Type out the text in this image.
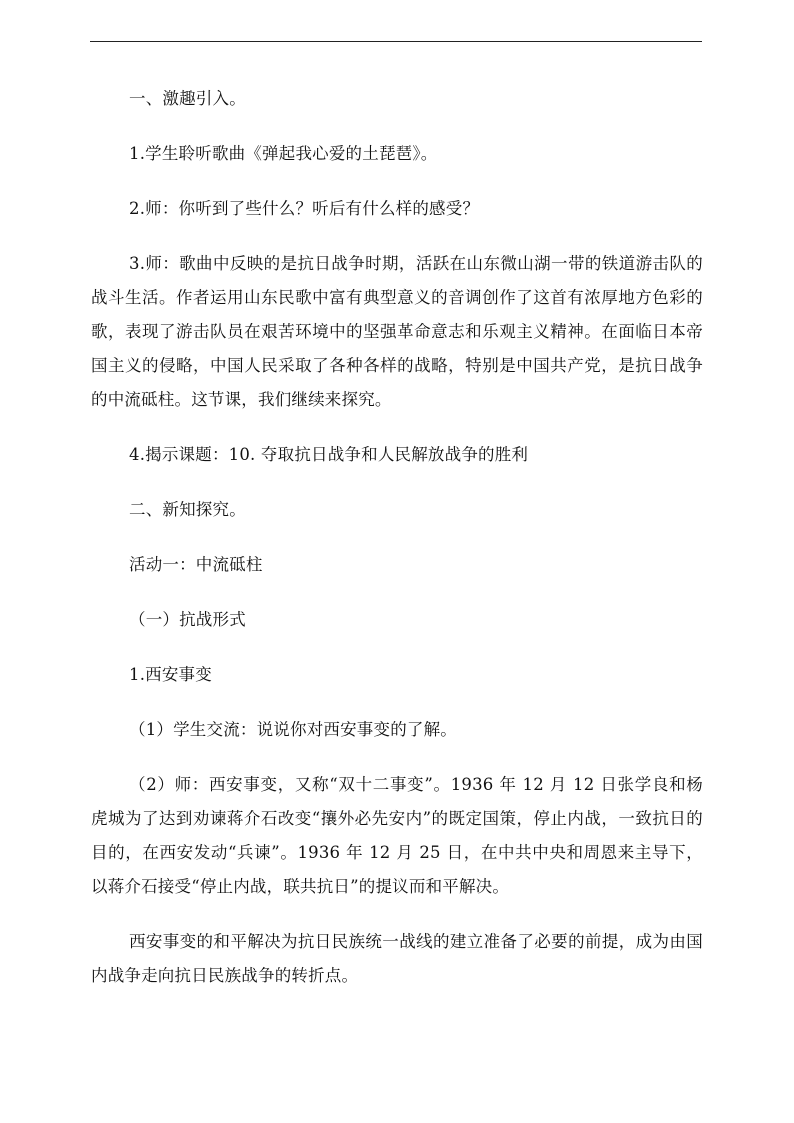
一、激趣引入。

1.学生聆听歌曲《弹起我心爱的土琵琶》。

2.师：你听到了些什么？听后有什么样的感受？

3.师：歌曲中反映的是抗日战争时期，活跃在山东微山湖一带的铁道游击队的战斗生活。作者运用山东民歌中富有典型意义的音调创作了这首有浓厚地方色彩的歌，表现了游击队员在艰苦环境中的坚强革命意志和乐观主义精神。在面临日本帝国主义的侵略，中国人民采取了各种各样的战略，特别是中国共产党，是抗日战争的中流砥柱。这节课，我们继续来探究。

4.揭示课题：10. 夺取抗日战争和人民解放战争的胜利

二、新知探究。

活动一：中流砥柱

（一）抗战形式

1.西安事变

（1）学生交流：说说你对西安事变的了解。

（2）师：西安事变，又称“双十二事变”。1936 年 12 月 12 日张学良和杨虎城为了达到劝谏蒋介石改变“攘外必先安内”的既定国策，停止内战，一致抗日的目的，在西安发动“兵谏”。1936 年 12 月 25 日，在中共中央和周恩来主导下，以蒋介石接受“停止内战，联共抗日”的提议而和平解决。

西安事变的和平解决为抗日民族统一战线的建立准备了必要的前提，成为由国内战争走向抗日民族战争的转折点。
